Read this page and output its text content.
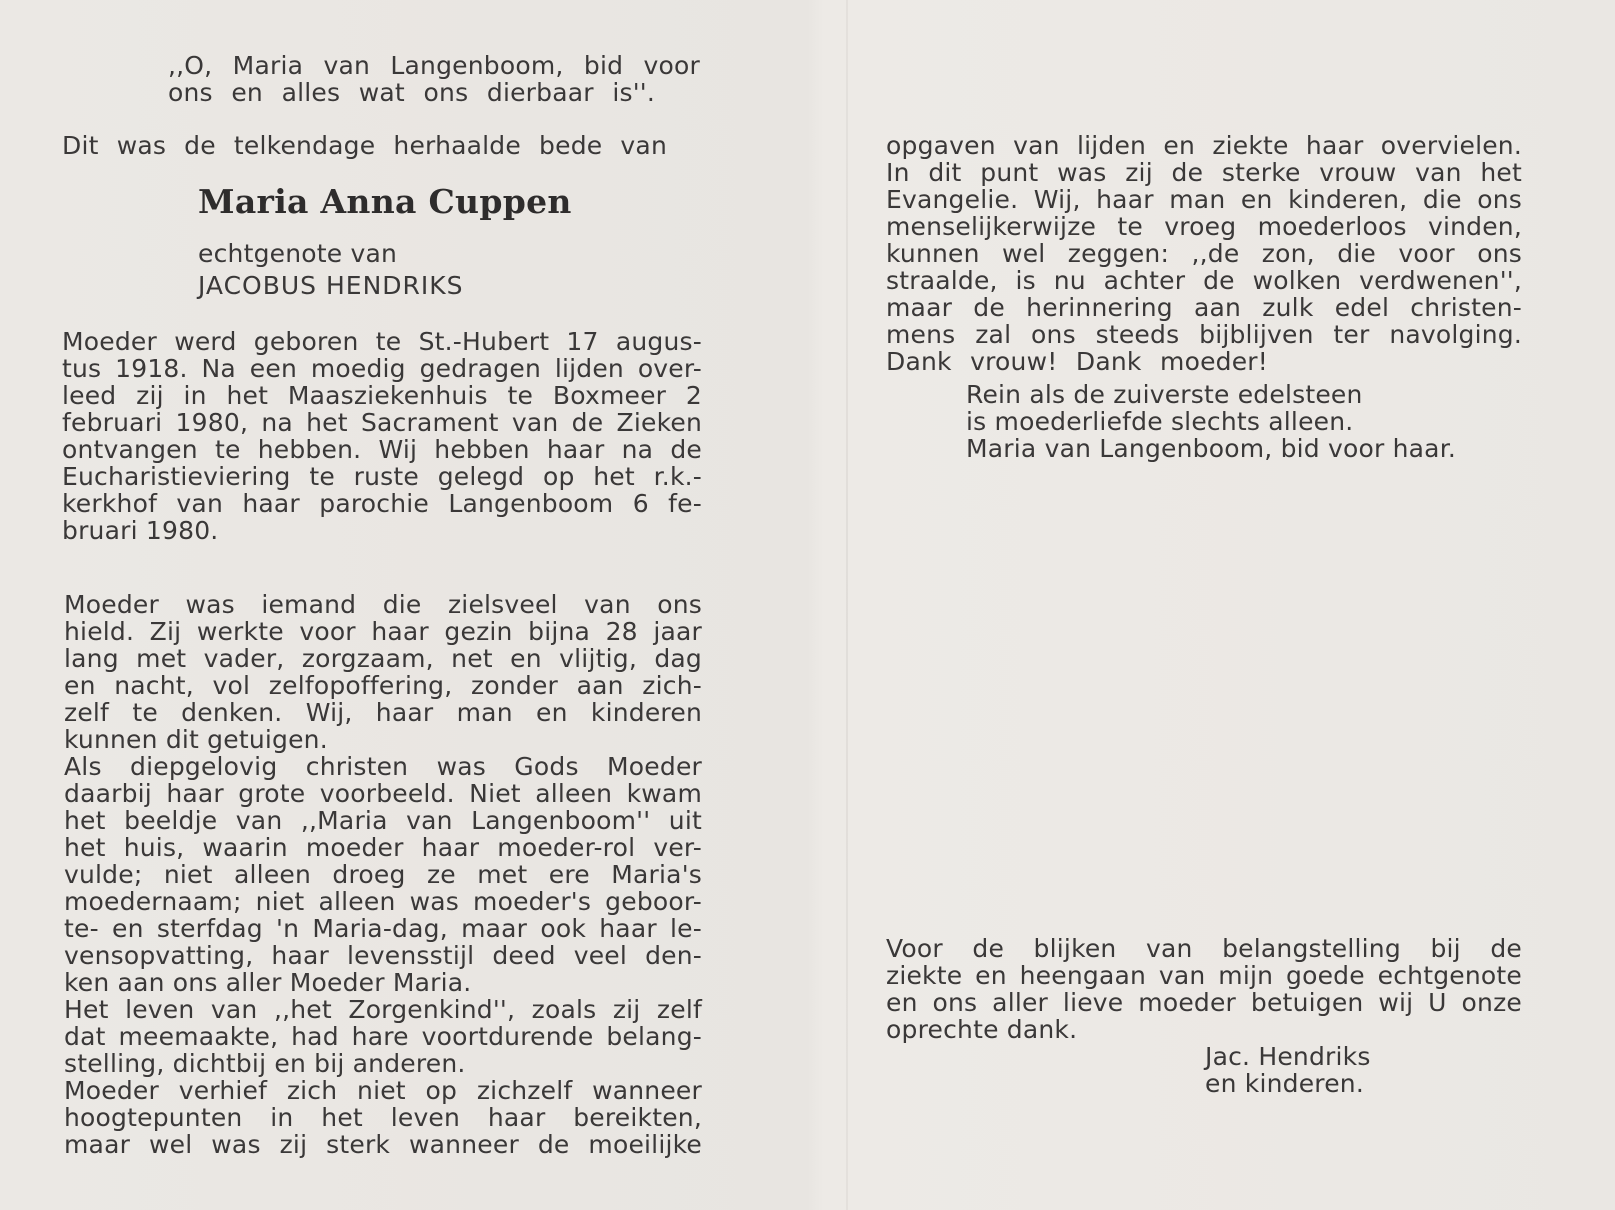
,,O, Maria van Langenboom, bid voor
ons en alles wat ons dierbaar is''.
Dit was de telkendage herhaalde bede van
Maria Anna Cuppen
echtgenote van
JACOBUS HENDRIKS
Moeder werd geboren te St.-Hubert 17 augus-
tus 1918. Na een moedig gedragen lijden over-
leed zij in het Maasziekenhuis te Boxmeer 2
februari 1980, na het Sacrament van de Zieken
ontvangen te hebben. Wij hebben haar na de
Eucharistieviering te ruste gelegd op het r.k.-
kerkhof van haar parochie Langenboom 6 fe-
bruari 1980.
Moeder was iemand die zielsveel van ons
hield. Zij werkte voor haar gezin bijna 28 jaar
lang met vader, zorgzaam, net en vlijtig, dag
en nacht, vol zelfopoffering, zonder aan zich-
zelf te denken. Wij, haar man en kinderen
kunnen dit getuigen.
Als diepgelovig christen was Gods Moeder
daarbij haar grote voorbeeld. Niet alleen kwam
het beeldje van ,,Maria van Langenboom'' uit
het huis, waarin moeder haar moeder-rol ver-
vulde; niet alleen droeg ze met ere Maria's
moedernaam; niet alleen was moeder's geboor-
te- en sterfdag 'n Maria-dag, maar ook haar le-
vensopvatting, haar levensstijl deed veel den-
ken aan ons aller Moeder Maria.
Het leven van ,,het Zorgenkind'', zoals zij zelf
dat meemaakte, had hare voortdurende belang-
stelling, dichtbij en bij anderen.
Moeder verhief zich niet op zichzelf wanneer
hoogtepunten in het leven haar bereikten,
maar wel was zij sterk wanneer de moeilijke
opgaven van lijden en ziekte haar overvielen.
In dit punt was zij de sterke vrouw van het
Evangelie. Wij, haar man en kinderen, die ons
menselijkerwijze te vroeg moederloos vinden,
kunnen wel zeggen: ,,de zon, die voor ons
straalde, is nu achter de wolken verdwenen'',
maar de herinnering aan zulk edel christen-
mens zal ons steeds bijblijven ter navolging.
Dank vrouw! Dank moeder!
Rein als de zuiverste edelsteen
is moederliefde slechts alleen.
Maria van Langenboom, bid voor haar.
Voor de blijken van belangstelling bij de
ziekte en heengaan van mijn goede echtgenote
en ons aller lieve moeder betuigen wij U onze
oprechte dank.
Jac. Hendriks
en kinderen.
